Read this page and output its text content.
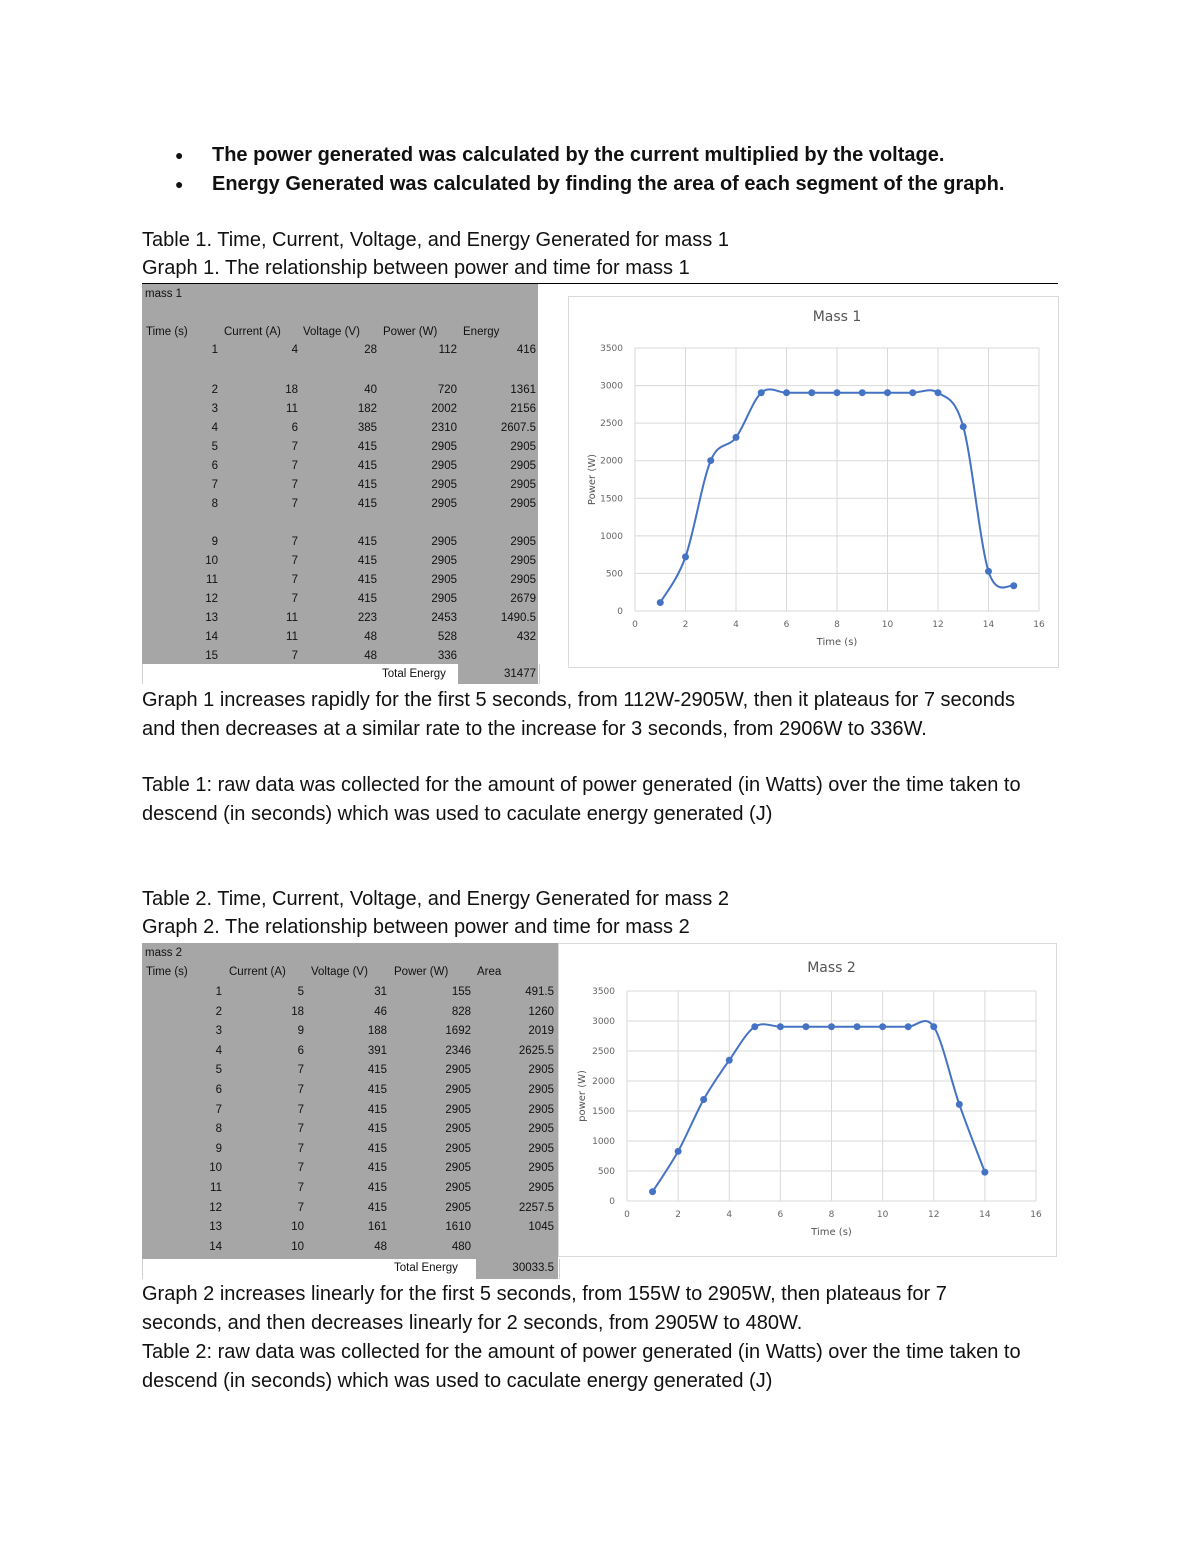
● The power generated was calculated by the current multiplied by the voltage.
● Energy Generated was calculated by finding the area of each segment of the graph.

Table 1. Time, Current, Voltage, and Energy Generated for mass 1

Graph 1. The relationship between power and time for mass 1

mass 1
Time (s)	Current (A) Voltage (V) Power (W) Energy
1	4	28	112	416
2	18	40	720	1361
3	11	182	2002	2156
4	6	385	2310	2607.5
5	7	415	2905	2905
6	7	415	2905	2905
7	7	415	2905	2905
8	7	415	2905	2905
9	7	415	2905	2905
10	7	415	2905	2905
11	7	415	2905	2905
12	7	415	2905	2679
13	11	223	2453	1490.5
14	11	48	528	432
15	7	48	336
Total Energy	31477
Mass 1
0	2	4	6	8	10	12	14	16
0
500
1000
1500
2000
2500
3000
3500
Time (s)
Power (W)

Graph 1 increases rapidly for the first 5 seconds, from 112W-2905W, then it plateaus for 7 seconds and then decreases at a similar rate to the increase for 3 seconds, from 2906W to 336W.

Table 1: raw data was collected for the amount of power generated (in Watts) over the time taken to descend (in seconds) which was used to caculate energy generated (J)

Table 2. Time, Current, Voltage, and Energy Generated for mass 2

Graph 2. The relationship between power and time for mass 2

mass 2
Time (s)	Current (A) Voltage (V) Power (W) Area
1	5	31	155	491.5
2	18	46	828	1260
3	9	188	1692	2019
4	6	391	2346	2625.5
5	7	415	2905	2905
6	7	415	2905	2905
7	7	415	2905	2905
8	7	415	2905	2905
9	7	415	2905	2905
10	7	415	2905	2905
11	7	415	2905	2905
12	7	415	2905	2257.5
13	10	161	1610	1045
14	10	48	480
Total Energy	30033.5
Mass 2
0	2	4	6	8	10	12	14	16
0
500
1000
1500
2000
2500
3000
3500
Time (s)
power (W)

Graph 2 increases linearly for the first 5 seconds, from 155W to 2905W, then plateaus for 7 seconds, and then decreases linearly for 2 seconds, from 2905W to 480W.

Table 2: raw data was collected for the amount of power generated (in Watts) over the time taken to descend (in seconds) which was used to caculate energy generated (J)
